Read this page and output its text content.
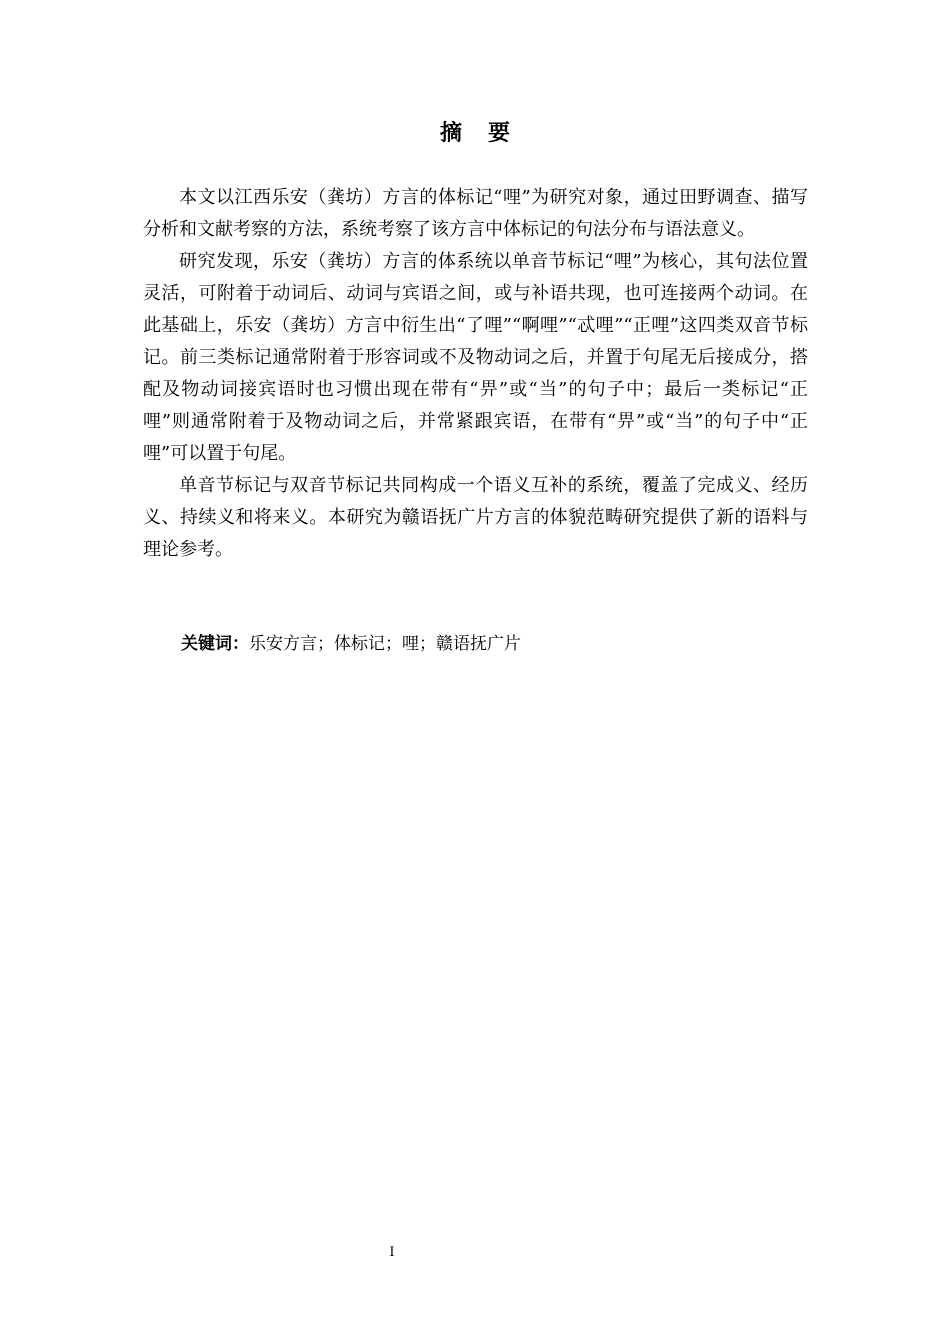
摘要

本文以江西乐安（龚坊）方言的体标记“哩”为研究对象，通过田野调查、描写分析和文献考察的方法，系统考察了该方言中体标记的句法分布与语法意义。

研究发现，乐安（龚坊）方言的体系统以单音节标记“哩”为核心，其句法位置灵活，可附着于动词后、动词与宾语之间，或与补语共现，也可连接两个动词。在此基础上，乐安（龚坊）方言中衍生出“了哩”“啊哩”“忒哩”“正哩”这四类双音节标记。前三类标记通常附着于形容词或不及物动词之后，并置于句尾无后接成分，搭配及物动词接宾语时也习惯出现在带有“畀”或“当”的句子中；最后一类标记“正哩”则通常附着于及物动词之后，并常紧跟宾语，在带有“畀”或“当”的句子中“正哩”可以置于句尾。

单音节标记与双音节标记共同构成一个语义互补的系统，覆盖了完成义、经历义、持续义和将来义。本研究为赣语抚广片方言的体貌范畴研究提供了新的语料与理论参考。

关键词：乐安方言；体标记；哩；赣语抚广片
I
